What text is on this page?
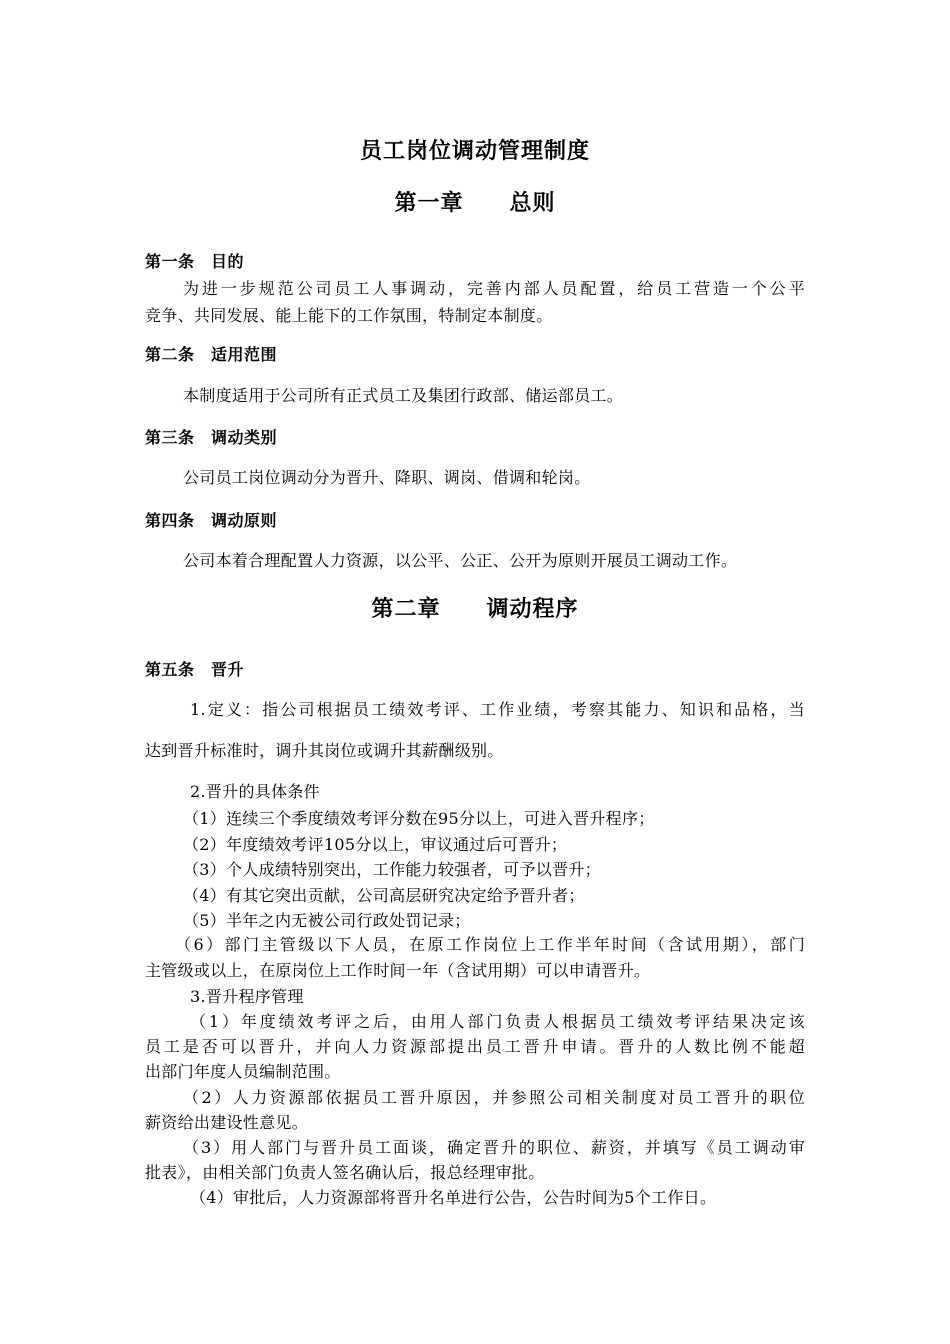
员工岗位调动管理制度
第一章　　总则
第一条　目的
为进一步规范公司员工人事调动，完善内部人员配置，给员工营造一个公平
竞争、共同发展、能上能下的工作氛围，特制定本制度。
第二条　适用范围
本制度适用于公司所有正式员工及集团行政部、储运部员工。
第三条　调动类别
公司员工岗位调动分为晋升、降职、调岗、借调和轮岗。
第四条　调动原则
公司本着合理配置人力资源，以公平、公正、公开为原则开展员工调动工作。
第二章　　调动程序
第五条　晋升
1.定义：指公司根据员工绩效考评、工作业绩，考察其能力、知识和品格，当
达到晋升标准时，调升其岗位或调升其薪酬级别。
2.晋升的具体条件
（1）连续三个季度绩效考评分数在95分以上，可进入晋升程序；
（2）年度绩效考评105分以上，审议通过后可晋升；
（3）个人成绩特别突出，工作能力较强者，可予以晋升；
（4）有其它突出贡献，公司高层研究决定给予晋升者；
（5）半年之内无被公司行政处罚记录；
（6）部门主管级以下人员，在原工作岗位上工作半年时间（含试用期），部门
主管级或以上，在原岗位上工作时间一年（含试用期）可以申请晋升。
3.晋升程序管理
（1）年度绩效考评之后，由用人部门负责人根据员工绩效考评结果决定该
员工是否可以晋升，并向人力资源部提出员工晋升申请。晋升的人数比例不能超
出部门年度人员编制范围。
（2）人力资源部依据员工晋升原因，并参照公司相关制度对员工晋升的职位
薪资给出建设性意见。
（3）用人部门与晋升员工面谈，确定晋升的职位、薪资，并填写《员工调动审
批表》，由相关部门负责人签名确认后，报总经理审批。
（4）审批后，人力资源部将晋升名单进行公告，公告时间为5个工作日。
